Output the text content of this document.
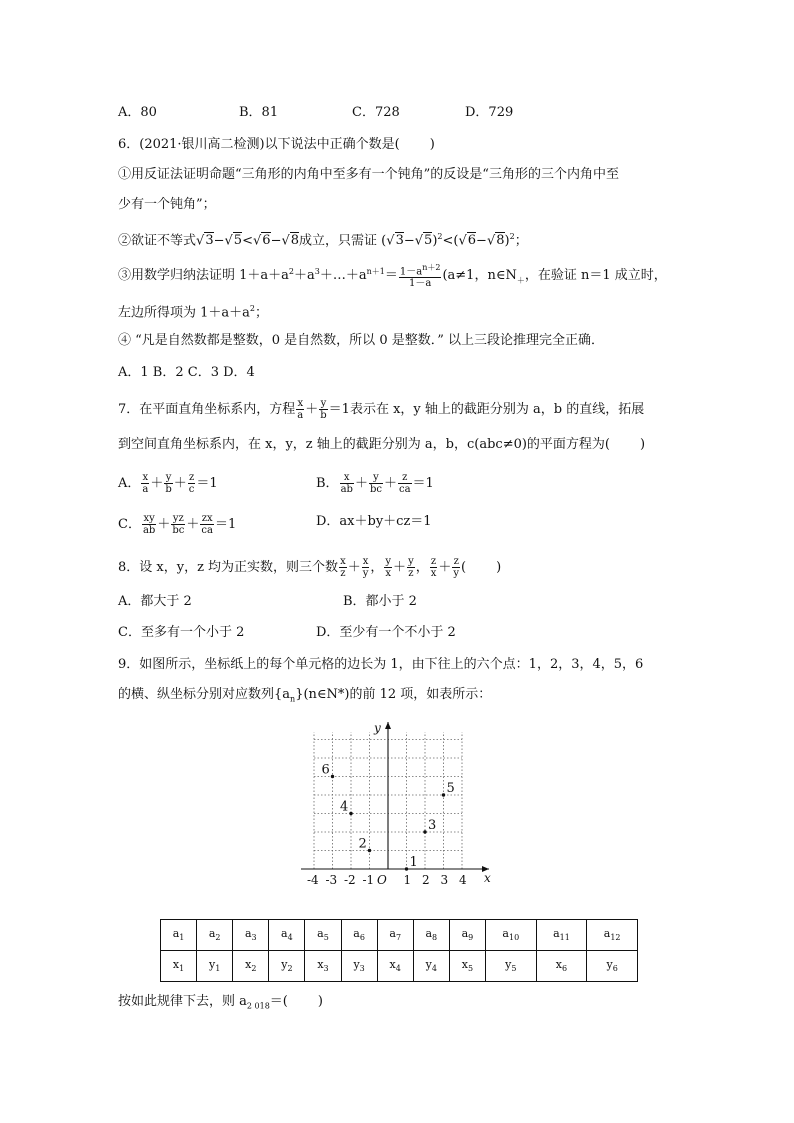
A．80	B．81	C．728	D．729
6．(2021·银川高二检测)以下说法中正确个数是( )
①用反证法证明命题“三角形的内角中至多有一个钝角”的反设是“三角形的三个内角中至
少有一个钝角”；
②欲证不等式√3−√5<√6−√8成立，只需证 $(√3-√5)^2<(√6-√8)^2$；
③用数学归纳法证明 $1+a+a^2+a^3+\dots+a^{n+1}= \frac{1-a^{n+2}}{1-a} (a\ne 1$，$n\in N_+$，在验证 n＝1 成立时，
左边所得项为 $1+a+a^2$；
④ “凡是自然数都是整数，0 是自然数，所以 0 是整数．” 以上三段论推理完全正确．
A．1 B．2 C．3 D．4
7．在平面直角坐标系内，方程 $\frac{x}{a} + \frac{y}{b} =1$表示在 x，y 轴上的截距分别为 a，b 的直线，拓展
到空间直角坐标系内，在 x，y，z 轴上的截距分别为 a，b，c(abc≠0)的平面方程为( )
A． $\frac{x}{a} + \frac{y}{b} + \frac{z}{c} =1$	B． $\frac{x}{ab} + \frac{y}{bc} + \frac{z}{ca} =1$
C． $\frac{xy}{ab} + \frac{yz}{bc} + \frac{zx}{ca} =1$	D．ax＋by＋cz＝1
8．设 x，y，z 均为正实数，则三个数 $\frac{x}{z} + \frac{x}{y}$ ， $\frac{y}{x} + \frac{y}{z}$ ， $\frac{z}{x} + \frac{z}{y}$ ( )
A．都大于 2	B．都小于 2
C．至多有一个小于 2	D．至少有一个不小于 2
9．如图所示，坐标纸上的每个单元格的边长为 1，由下往上的六个点：1，2，3，4，5，6
的横、纵坐标分别对应数列$\{a_n\}(n\in N*)$的前 12 项，如表所示：
x
y
O
-4 -3 -2 -1 1 2 3 4
1
2
3
4
5
6
$a_1$	$a_2$	$a_3$	$a_4$	$a_5$	$a_6$	$a_7$	$a_8$	$a_9$	$a_{10}$	$a_{11}$	$a_{12}$
$x_1$	$y_1$	$x_2$	$y_2$	$x_3$	$y_3$	$x_4$	$y_4$	$x_5$	$y_5$	$x_6$	$y_6$
按如此规律下去，则 $a_{2 018}=$( )
